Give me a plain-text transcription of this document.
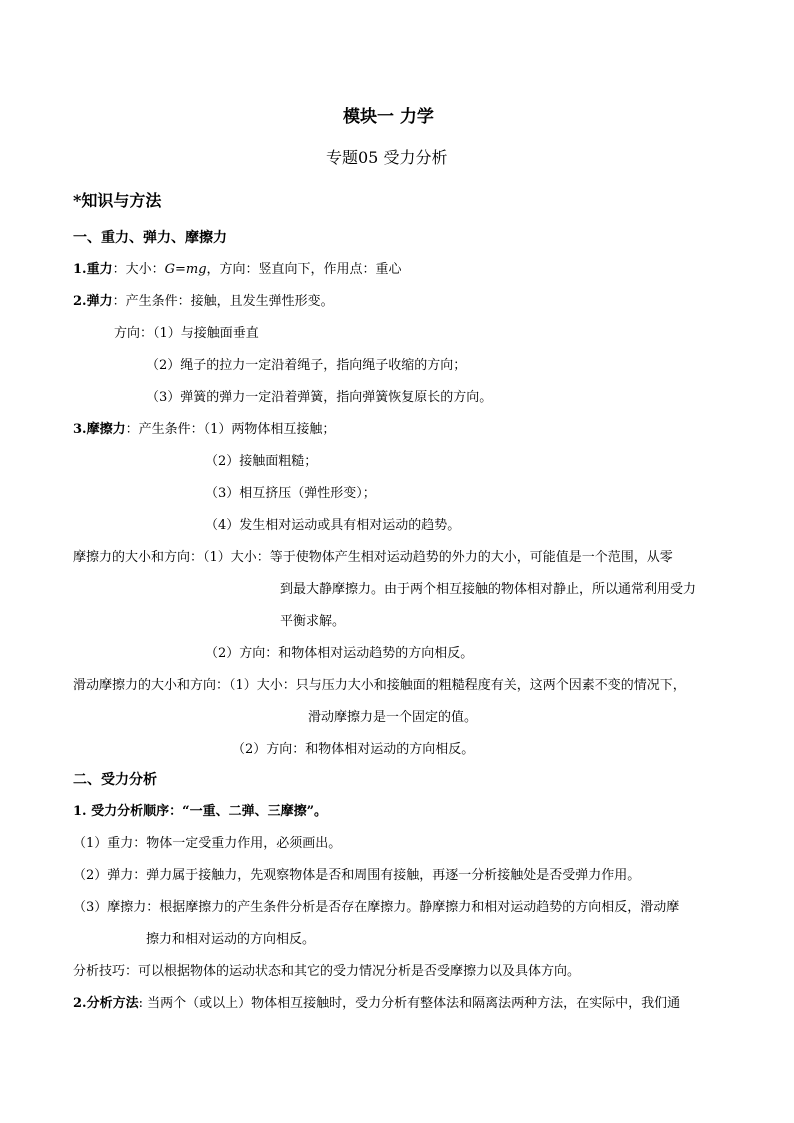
模块一 力学
专题05 受力分析
*知识与方法
一、重力、弹力、摩擦力
1.重力：大小：G=mg，方向：竖直向下，作用点：重心
2.弹力：产生条件：接触，且发生弹性形变。
方向：（1）与接触面垂直
（2）绳子的拉力一定沿着绳子，指向绳子收缩的方向；
（3）弹簧的弹力一定沿着弹簧，指向弹簧恢复原长的方向。
3.摩擦力：产生条件：（1）两物体相互接触；
（2）接触面粗糙；
（3）相互挤压（弹性形变）；
（4）发生相对运动或具有相对运动的趋势。
摩擦力的大小和方向：（1）大小：等于使物体产生相对运动趋势的外力的大小，可能值是一个范围，从零
到最大静摩擦力。由于两个相互接触的物体相对静止，所以通常利用受力
平衡求解。
（2）方向：和物体相对运动趋势的方向相反。
滑动摩擦力的大小和方向：（1）大小：只与压力大小和接触面的粗糙程度有关，这两个因素不变的情况下，
滑动摩擦力是一个固定的值。
（2）方向：和物体相对运动的方向相反。
二、受力分析
1. 受力分析顺序：“一重、二弹、三摩擦”。
（1）重力：物体一定受重力作用，必须画出。
（2）弹力：弹力属于接触力，先观察物体是否和周围有接触，再逐一分析接触处是否受弹力作用。
（3）摩擦力：根据摩擦力的产生条件分析是否存在摩擦力。静摩擦力和相对运动趋势的方向相反，滑动摩
擦力和相对运动的方向相反。
分析技巧：可以根据物体的运动状态和其它的受力情况分析是否受摩擦力以及具体方向。
2.分析方法: 当两个（或以上）物体相互接触时，受力分析有整体法和隔离法两种方法，在实际中，我们通
